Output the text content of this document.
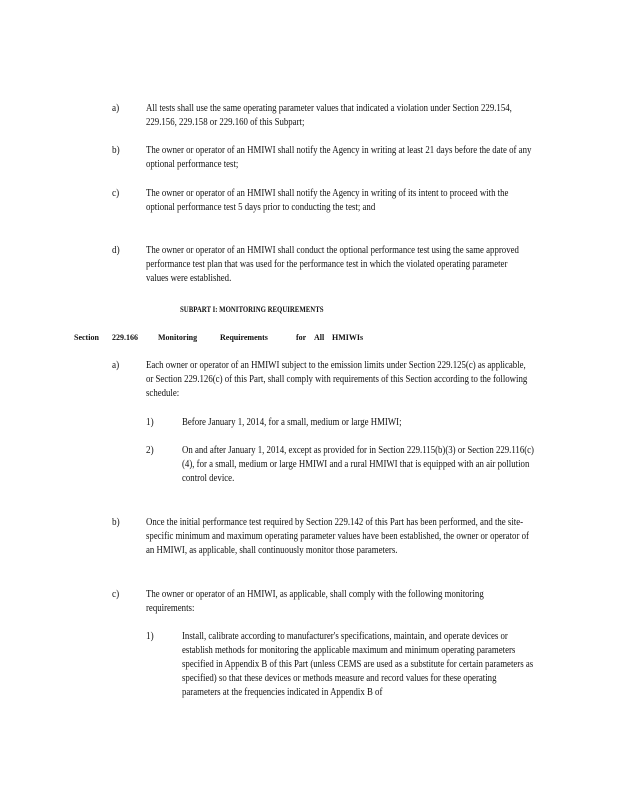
a)	All tests shall use the same operating parameter values that indicated a violation under Section 229.154, 229.156, 229.158 or 229.160 of this Subpart;
b)	The owner or operator of an HMIWI shall notify the Agency in writing at least 21 days before the date of any optional performance test;
c)	The owner or operator of an HMIWI shall notify the Agency in writing of its intent to proceed with the optional performance test 5 days prior to conducting the test; and
d)	The owner or operator of an HMIWI shall conduct the optional performance test using the same approved performance test plan that was used for the performance test in which the violated operating parameter values were established.
SUBPART I: MONITORING REQUIREMENTS
Section 229.166	Monitoring	Requirements	for All HMIWIs
a)	Each owner or operator of an HMIWI subject to the emission limits under Section 229.125(c) as applicable, or Section 229.126(c) of this Part, shall comply with requirements of this Section according to the following schedule:
1)	Before January 1, 2014, for a small, medium or large HMIWI;
2)	On and after January 1, 2014, except as provided for in Section 229.115(b)(3) or Section 229.116(c)(4), for a small, medium or large HMIWI and a rural HMIWI that is equipped with an air pollution control device.
b)	Once the initial performance test required by Section 229.142 of this Part has been performed, and the site-specific minimum and maximum operating parameter values have been established, the owner or operator of an HMIWI, as applicable, shall continuously monitor those parameters.
c)	The owner or operator of an HMIWI, as applicable, shall comply with the following monitoring requirements:
1)	Install, calibrate according to manufacturer's specifications, maintain, and operate devices or establish methods for monitoring the applicable maximum and minimum operating parameters specified in Appendix B of this Part (unless CEMS are used as a substitute for certain parameters as specified) so that these devices or methods measure and record values for these operating parameters at the frequencies indicated in Appendix B of
